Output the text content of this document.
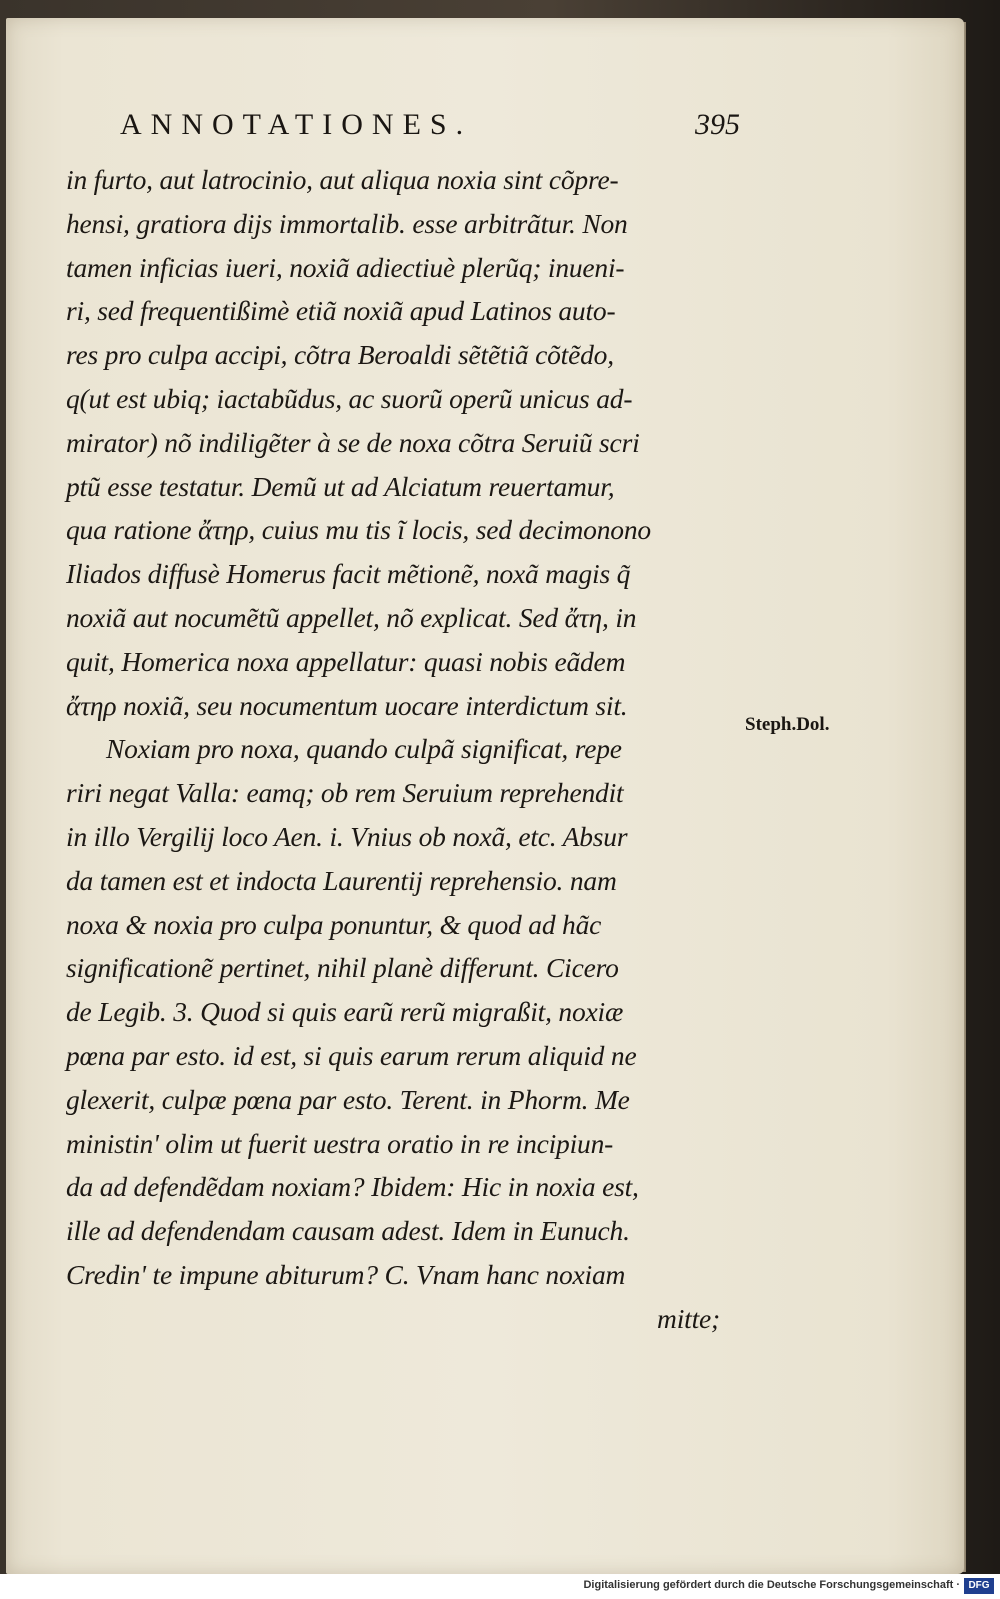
ANNOTATIONES.	395
in furto, aut latrocinio, aut aliqua noxia sint cõpre-
hensi, gratiora dijs immortalib. esse arbitrãtur. Non
tamen inficias iueri, noxiã adiectiuè plerũq; inueni-
ri, sed frequentißimè etiã noxiã apud Latinos auto-
res pro culpa accipi, cõtra Beroaldi sẽtẽtiã cõtẽdo,
q(ut est ubiq; iactabũdus, ac suorũ operũ unicus ad-
mirator) nõ indiligẽter à se de noxa cõtra Seruiũ scri
ptũ esse testatur. Demũ ut ad Alciatum reuertamur,
qua ratione ἄτηρ, cuius mu tis ĩ locis, sed decimonono
Iliados diffusè Homerus facit mẽtionẽ, noxã magis q̃
noxiã aut nocumẽtũ appellet, nõ explicat. Sed ἄτη, in
quit, Homerica noxa appellatur: quasi nobis eãdem
ἄτηρ noxiã, seu nocumentum uocare interdictum sit.
Noxiam pro noxa, quando culpã significat, repe
riri negat Valla: eamq; ob rem Seruium reprehendit
in illo Vergilij loco Aen. i. Vnius ob noxã, etc. Absur
da tamen est et indocta Laurentij reprehensio. nam
noxa & noxia pro culpa ponuntur, & quod ad hãc
significationẽ pertinet, nihil planè differunt. Cicero
de Legib. 3. Quod si quis earũ rerũ migraßit, noxiæ
pœna par esto. id est, si quis earum rerum aliquid ne
glexerit, culpæ pœna par esto. Terent. in Phorm. Me
ministin' olim ut fuerit uestra oratio in re incipiun-
da ad defendẽdam noxiam? Ibidem: Hic in noxia est,
ille ad defendendam causam adest. Idem in Eunuch.
Credin' te impune abiturum? C. Vnam hanc noxiam
mitte;
Steph.Dol.
Digitalisierung gefördert durch die Deutsche Forschungsgemeinschaft · DFG
